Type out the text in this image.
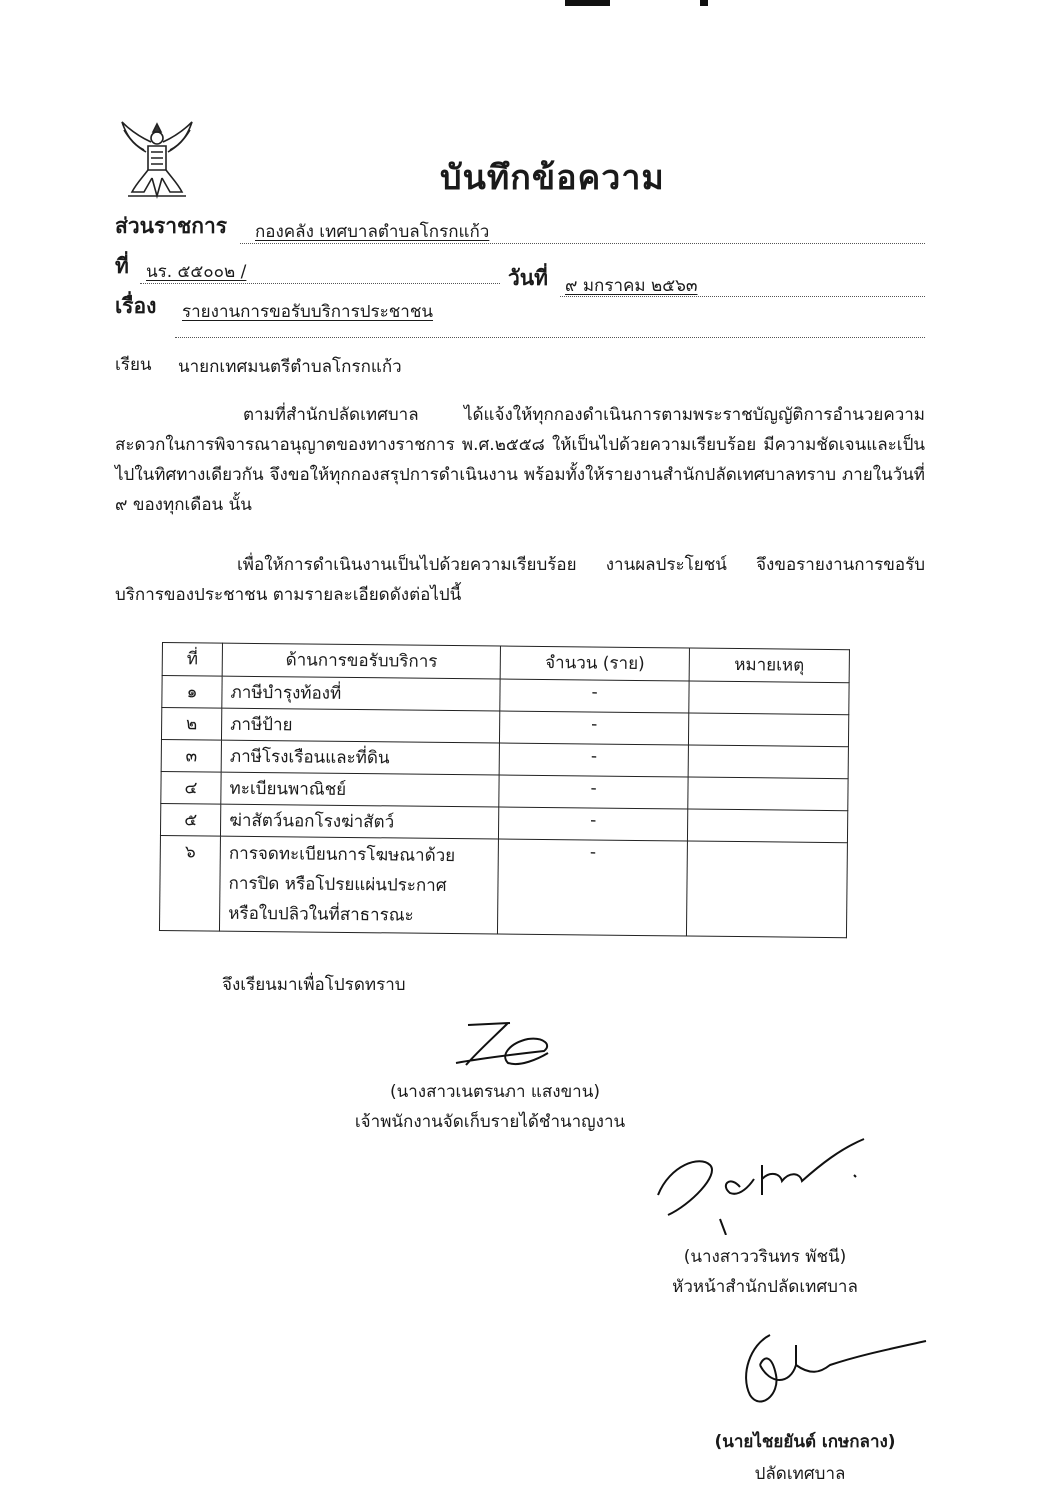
บันทึกข้อความ
ส่วนราชการ กองคลัง เทศบาลตำบลโกรกแก้ว
ที่ นร. ๕๕๐๐๒ /	วันที่ ๙ มกราคม ๒๕๖๓
เรื่อง รายงานการขอรับบริการประชาชน
เรียน นายกเทศมนตรีตำบลโกรกแก้ว
ตามที่สำนักปลัดเทศบาล ได้แจ้งให้ทุกกองดำเนินการตามพระราชบัญญัติการอำนวยความสะดวกในการพิจารณาอนุญาตของทางราชการ พ.ศ.๒๕๕๘ ให้เป็นไปด้วยความเรียบร้อย มีความชัดเจนและเป็นไปในทิศทางเดียวกัน จึงขอให้ทุกกองสรุปการดำเนินงาน พร้อมทั้งให้รายงานสำนักปลัดเทศบาลทราบ ภายในวันที่ ๙ ของทุกเดือน นั้น
เพื่อให้การดำเนินงานเป็นไปด้วยความเรียบร้อย งานผลประโยชน์ จึงขอรายงานการขอรับบริการของประชาชน ตามรายละเอียดดังต่อไปนี้
ที่	ด้านการขอรับบริการ	จำนวน (ราย)	หมายเหตุ
๑	ภาษีบำรุงท้องที่	-	
๒	ภาษีป้าย	-	
๓	ภาษีโรงเรือนและที่ดิน	-	
๔	ทะเบียนพาณิชย์	-	
๕	ฆ่าสัตว์นอกโรงฆ่าสัตว์	-	
๖	การจดทะเบียนการโฆษณาด้วย
การปิด หรือโปรยแผ่นประกาศ
หรือใบปลิวในที่สาธารณะ	-	
จึงเรียนมาเพื่อโปรดทราบ
(นางสาวเนตรนภา แสงขาน)
เจ้าพนักงานจัดเก็บรายได้ชำนาญงาน
(นางสาววรินทร พัชนี)
หัวหน้าสำนักปลัดเทศบาล
(นายไชยยันต์ เกษกลาง)
ปลัดเทศบาล
